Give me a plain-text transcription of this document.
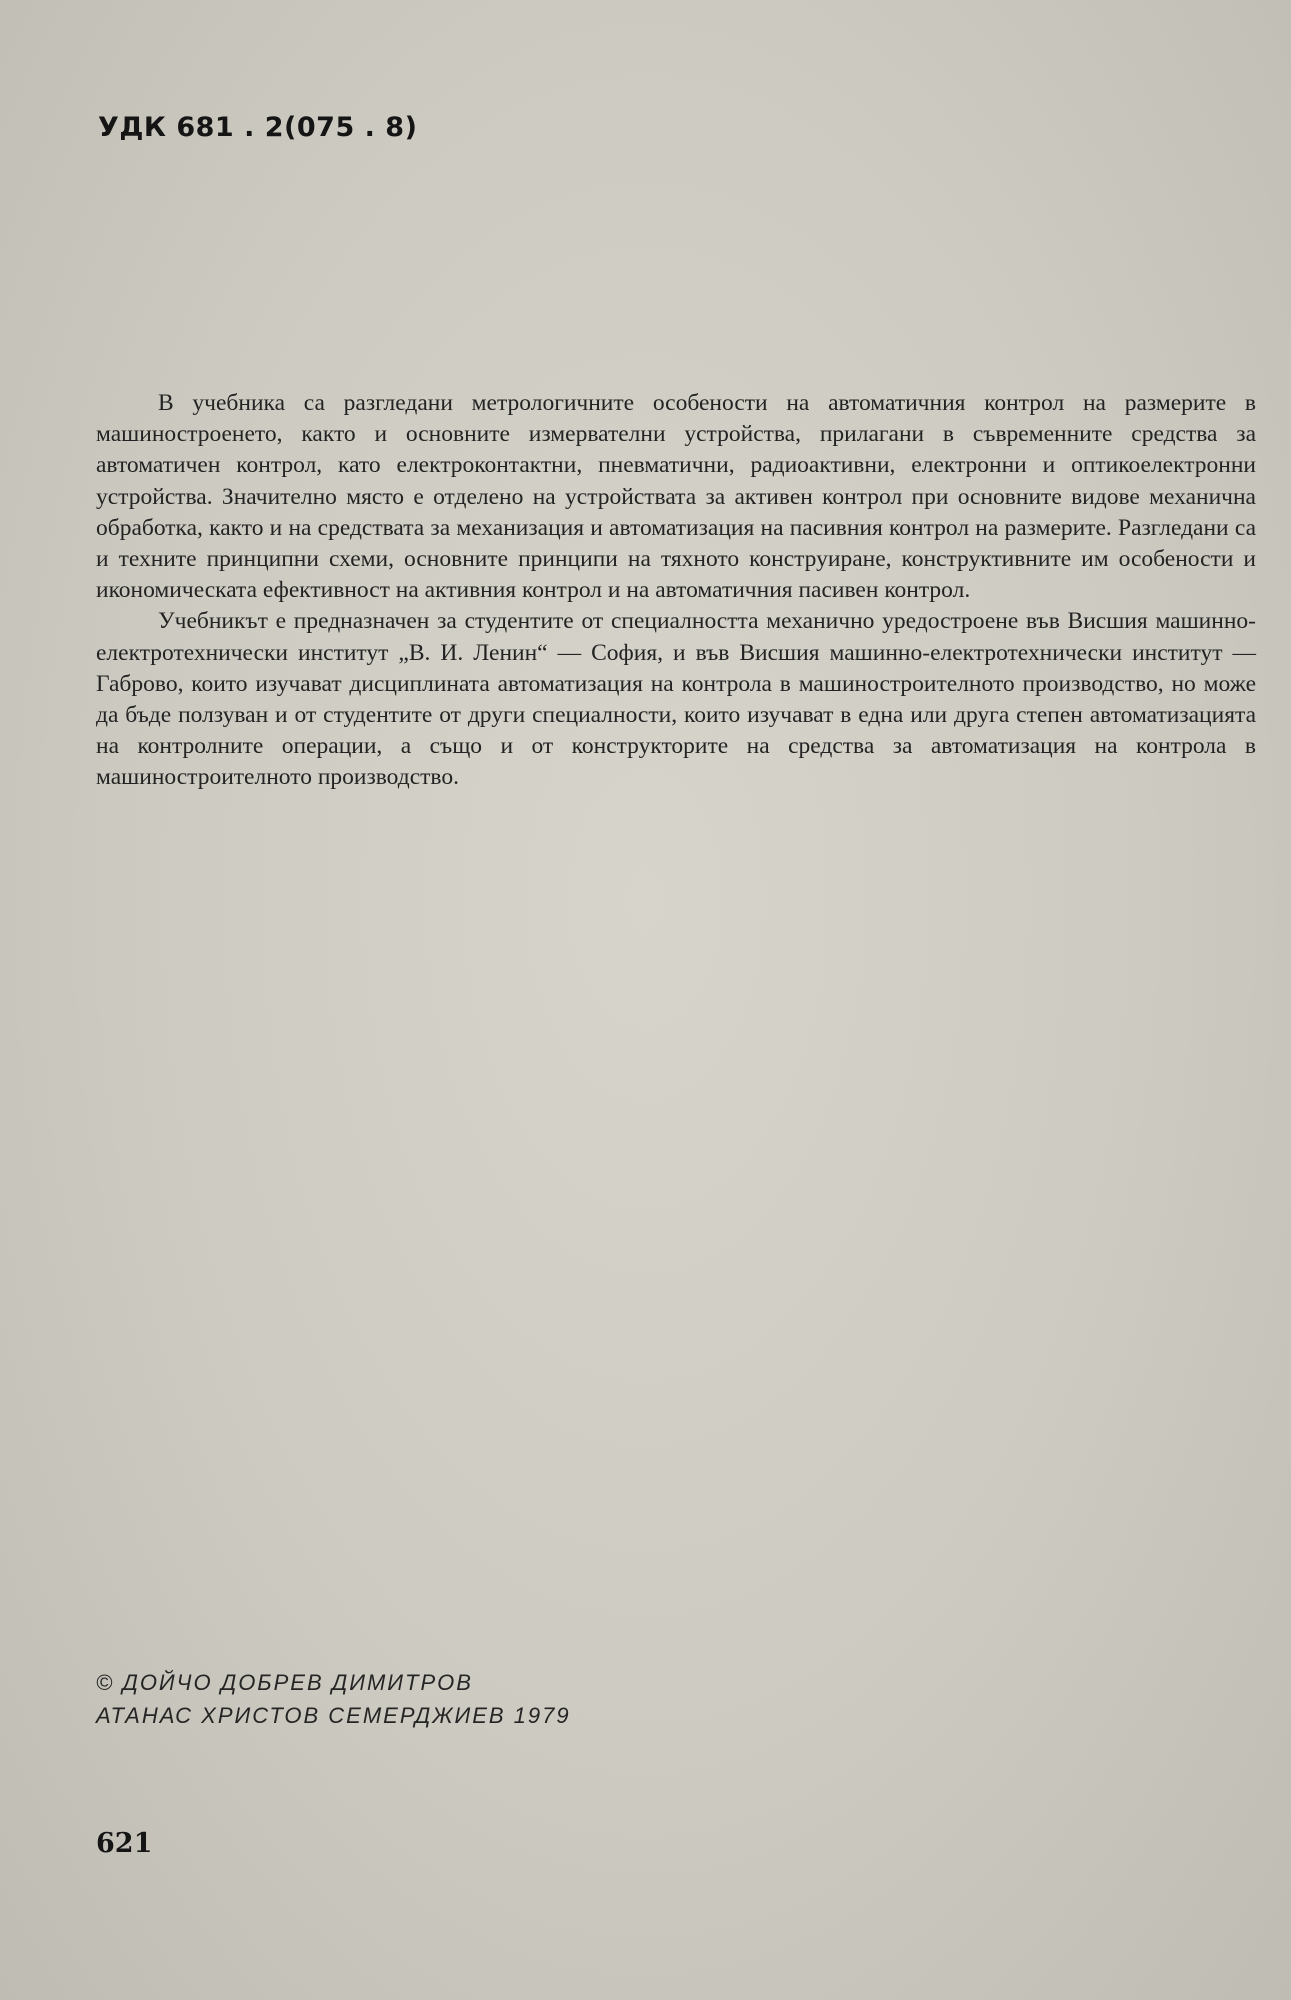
УДК 681 . 2(075 . 8)

В учебника са разгледани метрологичните особености на автоматичния контрол на размерите в машиностроенето, както и основните измервателни устройства, прилагани в съвременните средства за автоматичен контрол, като електроконтактни, пневматични, радиоактивни, електронни и оптикоелектронни устройства. Значително място е отделено на устройствата за активен контрол при основните видове механична обработка, както и на средствата за механизация и автоматизация на пасивния контрол на размерите. Разгледани са и техните принципни схеми, основните принципи на тяхното конструиране, конструктивните им особености и икономическата ефективност на активния контрол и на автоматичния пасивен контрол.

Учебникът е предназначен за студентите от специалността механично уредостроене във Висшия машинно-електротехнически институт „В. И. Ленин“ — София, и във Висшия машинно-електротехнически институт — Габрово, които изучават дисциплината автоматизация на контрола в машиностроителното производство, но може да бъде ползуван и от студентите от други специалности, които изучават в една или друга степен автоматизацията на контролните операции, а също и от конструкторите на средства за автоматизация на контрола в машиностроителното производство.

© ДОЙЧО ДОБРЕВ ДИМИТРОВ
АТАНАС ХРИСТОВ СЕМЕРДЖИЕВ 1979
621
